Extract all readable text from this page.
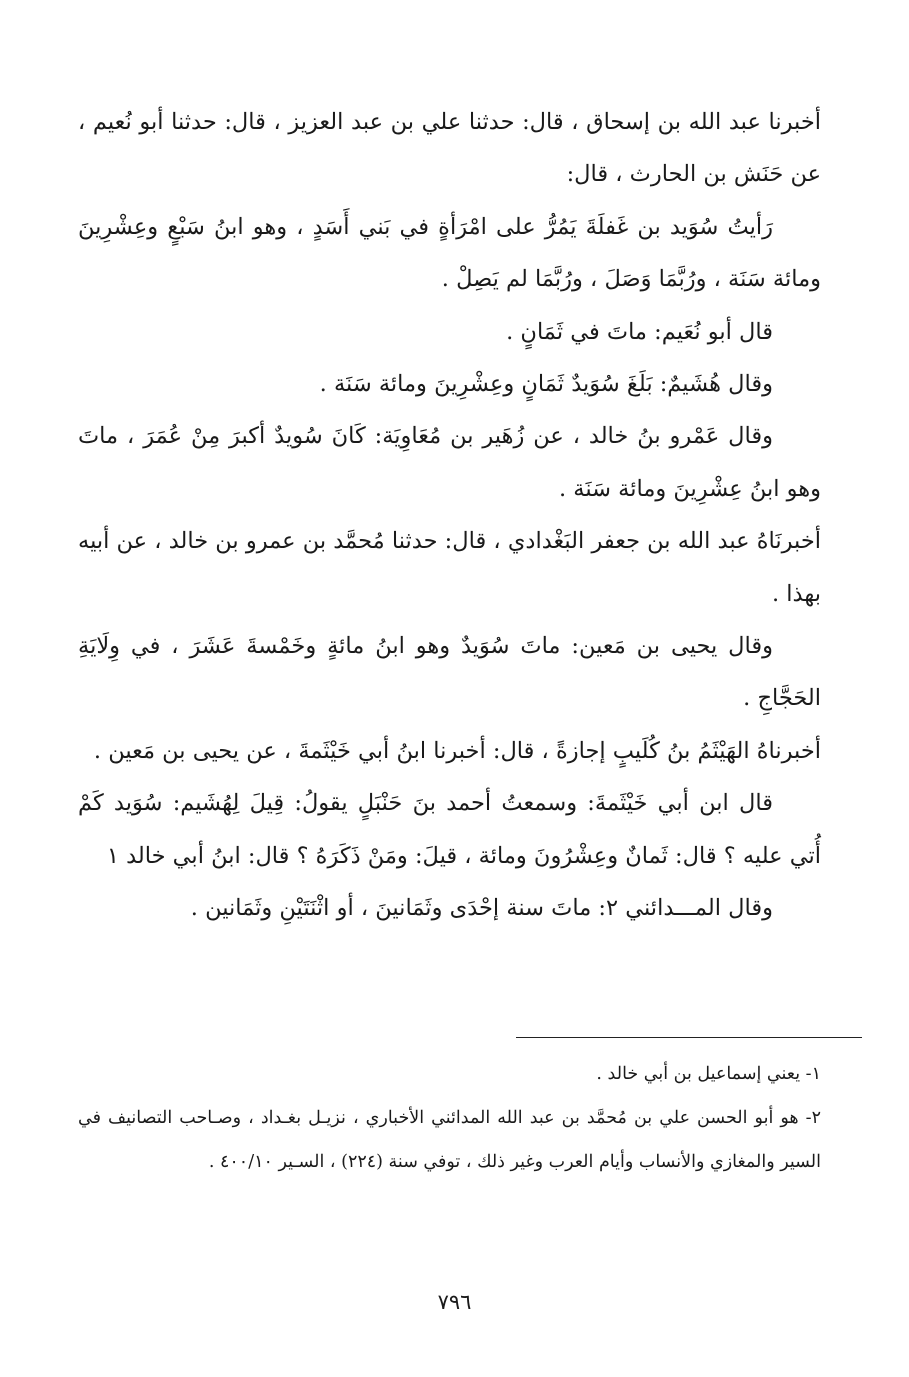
أخبرنا عبد الله بن إسحاق ، قال: حدثنا علي بن عبد العزيز ، قال: حدثنا أبو نُعيم ، عن حَنَش بن الحارث ، قال:

رَأيتُ سُوَيد بن غَفلَةَ يَمُرُّ على امْرَأةٍ في بَني أَسَدٍ ، وهو ابنُ سَبْعٍ وعِشْرِينَ ومائة سَنَة ، ورُبَّمَا وَصَلَ ، ورُبَّمَا لم يَصِلْ .

قال أبو نُعَيم: ماتَ في ثَمَانٍ .

وقال هُشَيمٌ: بَلَغَ سُوَيدٌ ثَمَانٍ وعِشْرِينَ ومائة سَنَة .

وقال عَمْرو بنُ خالد ، عن زُهَير بن مُعَاوِيَة: كَانَ سُويدٌ أكبرَ مِنْ عُمَرَ ، ماتَ وهو ابنُ عِشْرِينَ ومائة سَنَة .

أخبرنَاهُ عبد الله بن جعفر البَغْدادي ، قال: حدثنا مُحمَّد بن عمرو بن خالد ، عن أبيه بهذا .

وقال يحيى بن مَعين: ماتَ سُوَيدٌ وهو ابنُ مائةٍ وخَمْسةَ عَشَرَ ، في وِلَايَةِ الحَجَّاجِ .

أخبرناهُ الهَيْثَمُ بنُ كُلَيبٍ إجازةً ، قال: أخبرنا ابنُ أبي خَيْثَمةَ ، عن يحيى بن مَعين .

قال ابن أبي خَيْثَمةَ: وسمعتُ أحمد بنَ حَنْبَلٍ يقولُ: قِيلَ لِهُشَيم: سُوَيد كَمْ أُتي عليه ؟ قال: ثَمانٌ وعِشْرُونَ ومائة ، قيلَ: ومَنْ ذَكَرَهُ ؟ قال: ابنُ أبي خالد ١

وقال المـــدائني ٢: ماتَ سنة إحْدَى وثَمَانينَ ، أو اثْنَتَيْنِ وثَمَانين .

١- يعني إسماعيل بن أبي خالد .

٢- هو أبو الحسن علي بن مُحمَّد بن عبد الله المدائني الأخباري ، نزيـل بغـداد ، وصـاحب التصانيف في السير والمغازي والأنساب وأيام العرب وغير ذلك ، توفي سنة (٢٢٤) ، السـير ٤٠٠/١٠ .

٧٩٦
